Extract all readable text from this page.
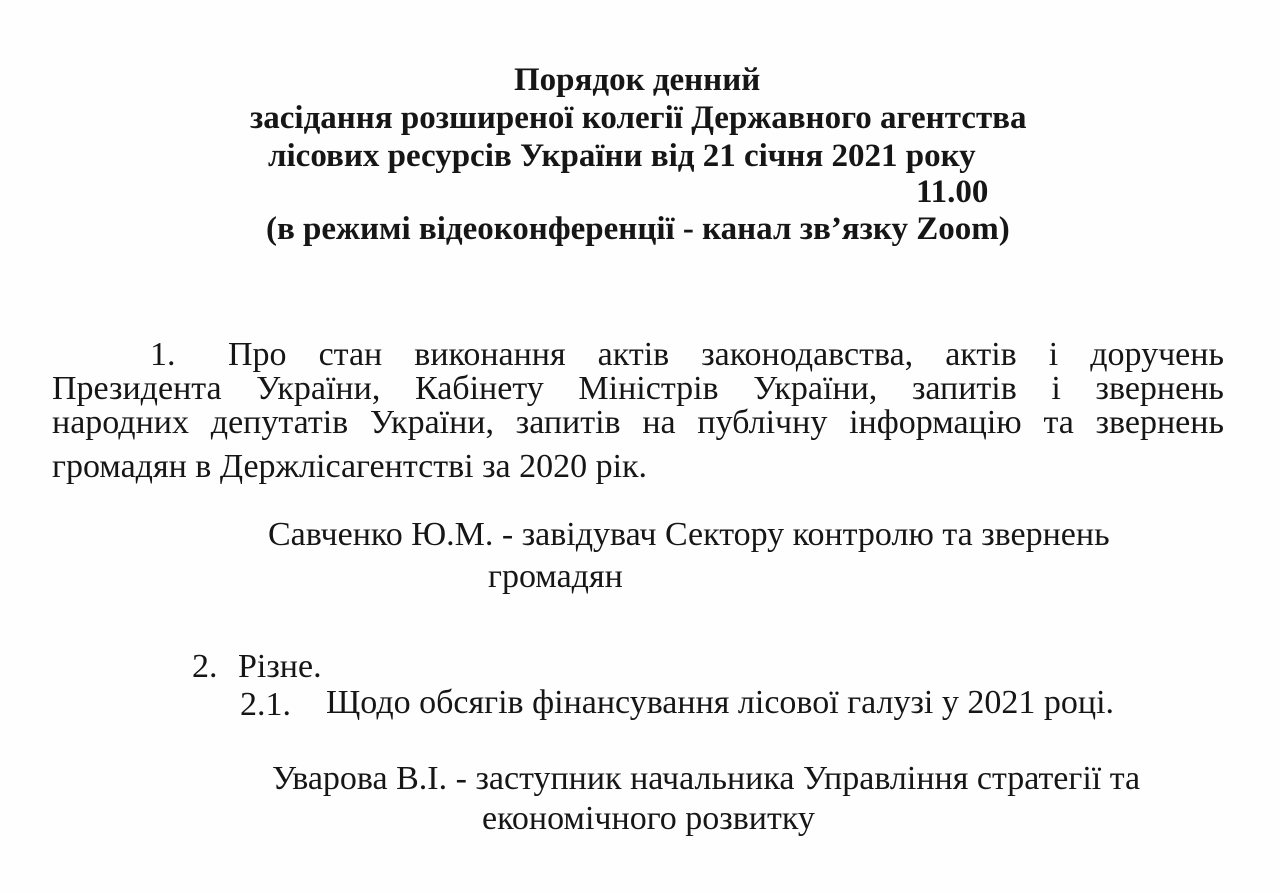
Порядок денний
засідання розширеної колегії Державного агентства
лісових ресурсів України від 21 січня 2021 року
11.00
(в режимі відеоконференції - канал зв’язку Zoom)
1.	Про стан виконання актів законодавства, актів і доручень
Президента України, Кабінету Міністрів України, запитів і звернень
народних депутатів України, запитів на публічну інформацію та звернень
громадян в Держлісагентстві за 2020 рік.
Савченко Ю.М. - завідувач Сектору контролю та звернень
громадян
2. Різне.
2.1. Щодо обсягів фінансування лісової галузі у 2021 році.
Уварова В.І. - заступник начальника Управління стратегії та
економічного розвитку
